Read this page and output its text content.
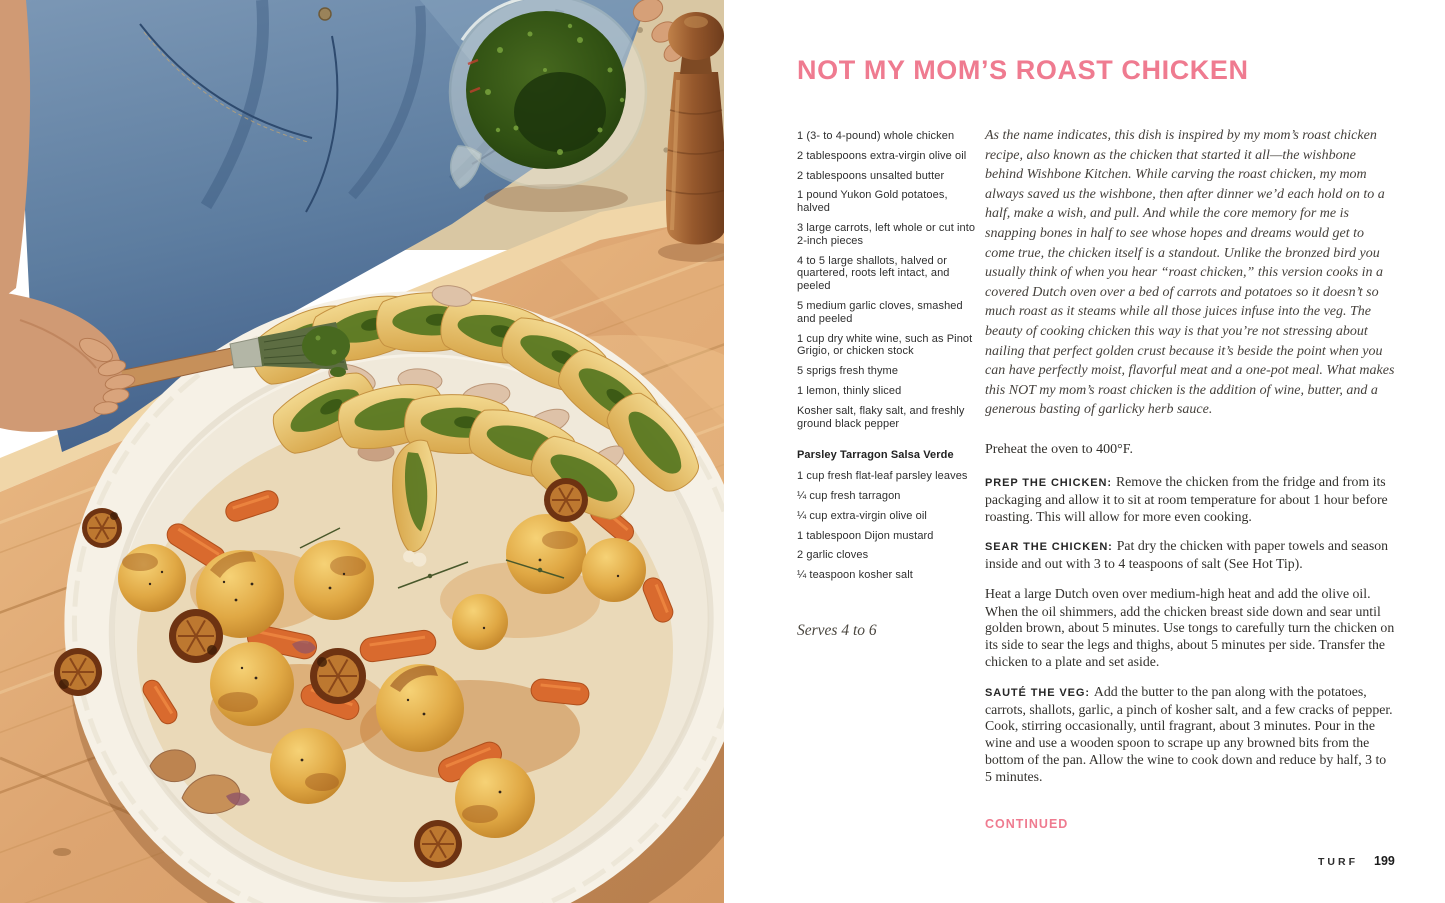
NOT MY MOM’S ROAST CHICKEN

1 (3- to 4-pound) whole chicken

2 tablespoons extra-virgin olive oil

2 tablespoons unsalted butter

1 pound Yukon Gold potatoes, halved

3 large carrots, left whole or cut into 2-inch pieces

4 to 5 large shallots, halved or quartered, roots left intact, and peeled

5 medium garlic cloves, smashed and peeled

1 cup dry white wine, such as Pinot Grigio, or chicken stock

5 sprigs fresh thyme

1 lemon, thinly sliced

Kosher salt, flaky salt, and freshly ground black pepper

Parsley Tarragon Salsa Verde

1 cup fresh flat-leaf parsley leaves

¼ cup fresh tarragon

¼ cup extra-virgin olive oil

1 tablespoon Dijon mustard

2 garlic cloves

¼ teaspoon kosher salt

Serves 4 to 6

As the name indicates, this dish is inspired by my mom’s roast chicken recipe, also known as the chicken that started it all—the wishbone behind Wishbone Kitchen. While carving the roast chicken, my mom always saved us the wishbone, then after dinner we’d each hold on to a half, make a wish, and pull. And while the core memory for me is snapping bones in half to see whose hopes and dreams would get to come true, the chicken itself is a standout. Unlike the bronzed bird you usually think of when you hear “roast chicken,” this version cooks in a covered Dutch oven over a bed of carrots and potatoes so it doesn’t so much roast as it steams while all those juices infuse into the veg. The beauty of cooking chicken this way is that you’re not stressing about nailing that perfect golden crust because it’s beside the point when you can have perfectly moist, flavorful meat and a one-pot meal. What makes this NOT my mom’s roast chicken is the addition of wine, butter, and a generous basting of garlicky herb sauce.

Preheat the oven to 400°F.

PREP THE CHICKEN: Remove the chicken from the fridge and from its packaging and allow it to sit at room temperature for about 1 hour before roasting. This will allow for more even cooking.

SEAR THE CHICKEN: Pat dry the chicken with paper towels and season inside and out with 3 to 4 teaspoons of salt (See Hot Tip).

Heat a large Dutch oven over medium-high heat and add the olive oil. When the oil shimmers, add the chicken breast side down and sear until golden brown, about 5 minutes. Use tongs to carefully turn the chicken on its side to sear the legs and thighs, about 5 minutes per side. Transfer the chicken to a plate and set aside.

SAUTÉ THE VEG: Add the butter to the pan along with the potatoes, carrots, shallots, garlic, a pinch of kosher salt, and a few cracks of pepper. Cook, stirring occasionally, until fragrant, about 3 minutes. Pour in the wine and use a wooden spoon to scrape up any browned bits from the bottom of the pan. Allow the wine to cook down and reduce by half, 3 to 5 minutes.

CONTINUED
TURF 199
